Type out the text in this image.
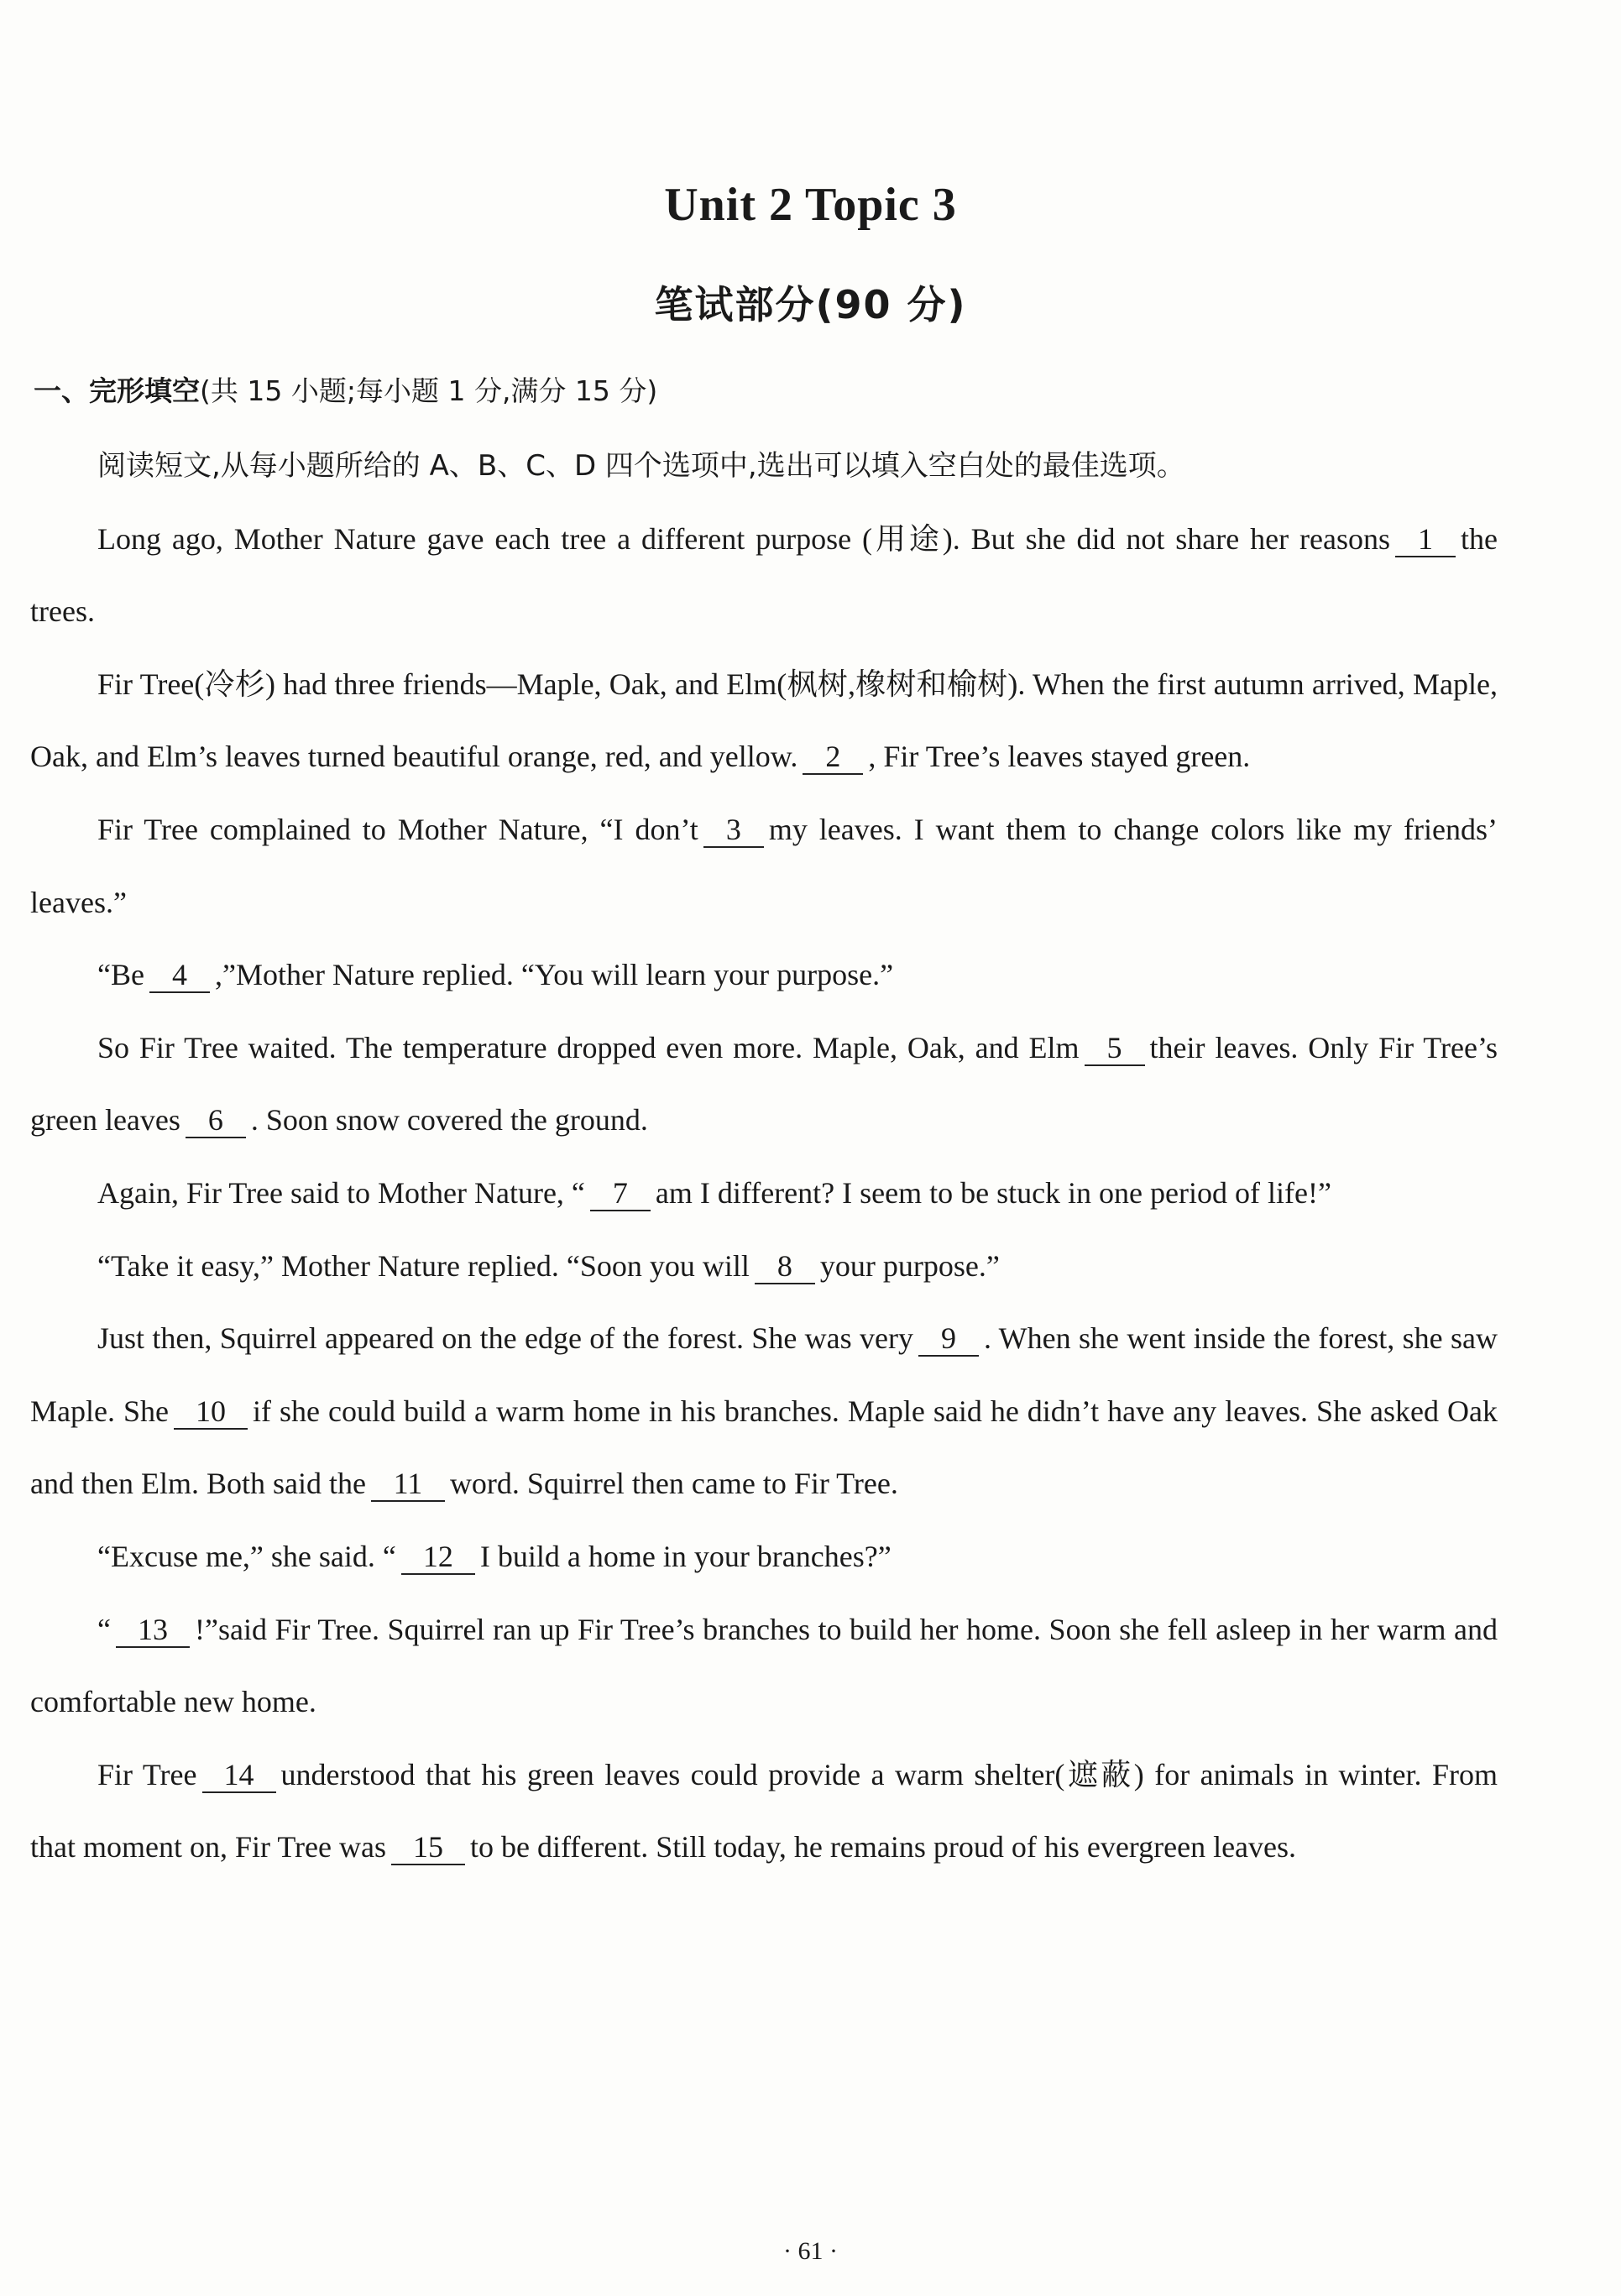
Unit 2 Topic 3
笔试部分(90 分)
一、完形填空(共 15 小题;每小题 1 分,满分 15 分)

阅读短文,从每小题所给的 A、B、C、D 四个选项中,选出可以填入空白处的最佳选项。

Long ago, Mother Nature gave each tree a different purpose (用途). But she did not share her reasons 1 the trees.

Fir Tree(冷杉) had three friends—Maple, Oak, and Elm(枫树,橡树和榆树). When the first autumn arrived, Maple, Oak, and Elm’s leaves turned beautiful orange, red, and yellow. 2 , Fir Tree’s leaves stayed green.

Fir Tree complained to Mother Nature, “I don’t 3 my leaves. I want them to change colors like my friends’ leaves.”

“Be 4 ,”Mother Nature replied. “You will learn your purpose.”

So Fir Tree waited. The temperature dropped even more. Maple, Oak, and Elm 5 their leaves. Only Fir Tree’s green leaves 6 . Soon snow covered the ground.

Again, Fir Tree said to Mother Nature, “ 7 am I different? I seem to be stuck in one period of life!”

“Take it easy,” Mother Nature replied. “Soon you will 8 your purpose.”

Just then, Squirrel appeared on the edge of the forest. She was very 9 . When she went inside the forest, she saw Maple. She 10 if she could build a warm home in his branches. Maple said he didn’t have any leaves. She asked Oak and then Elm. Both said the 11 word. Squirrel then came to Fir Tree.

“Excuse me,” she said. “ 12 I build a home in your branches?”

“ 13 !”said Fir Tree. Squirrel ran up Fir Tree’s branches to build her home. Soon she fell asleep in her warm and comfortable new home.

Fir Tree 14 understood that his green leaves could provide a warm shelter(遮蔽) for animals in winter. From that moment on, Fir Tree was 15 to be different. Still today, he remains proud of his evergreen leaves.

· 61 ·
